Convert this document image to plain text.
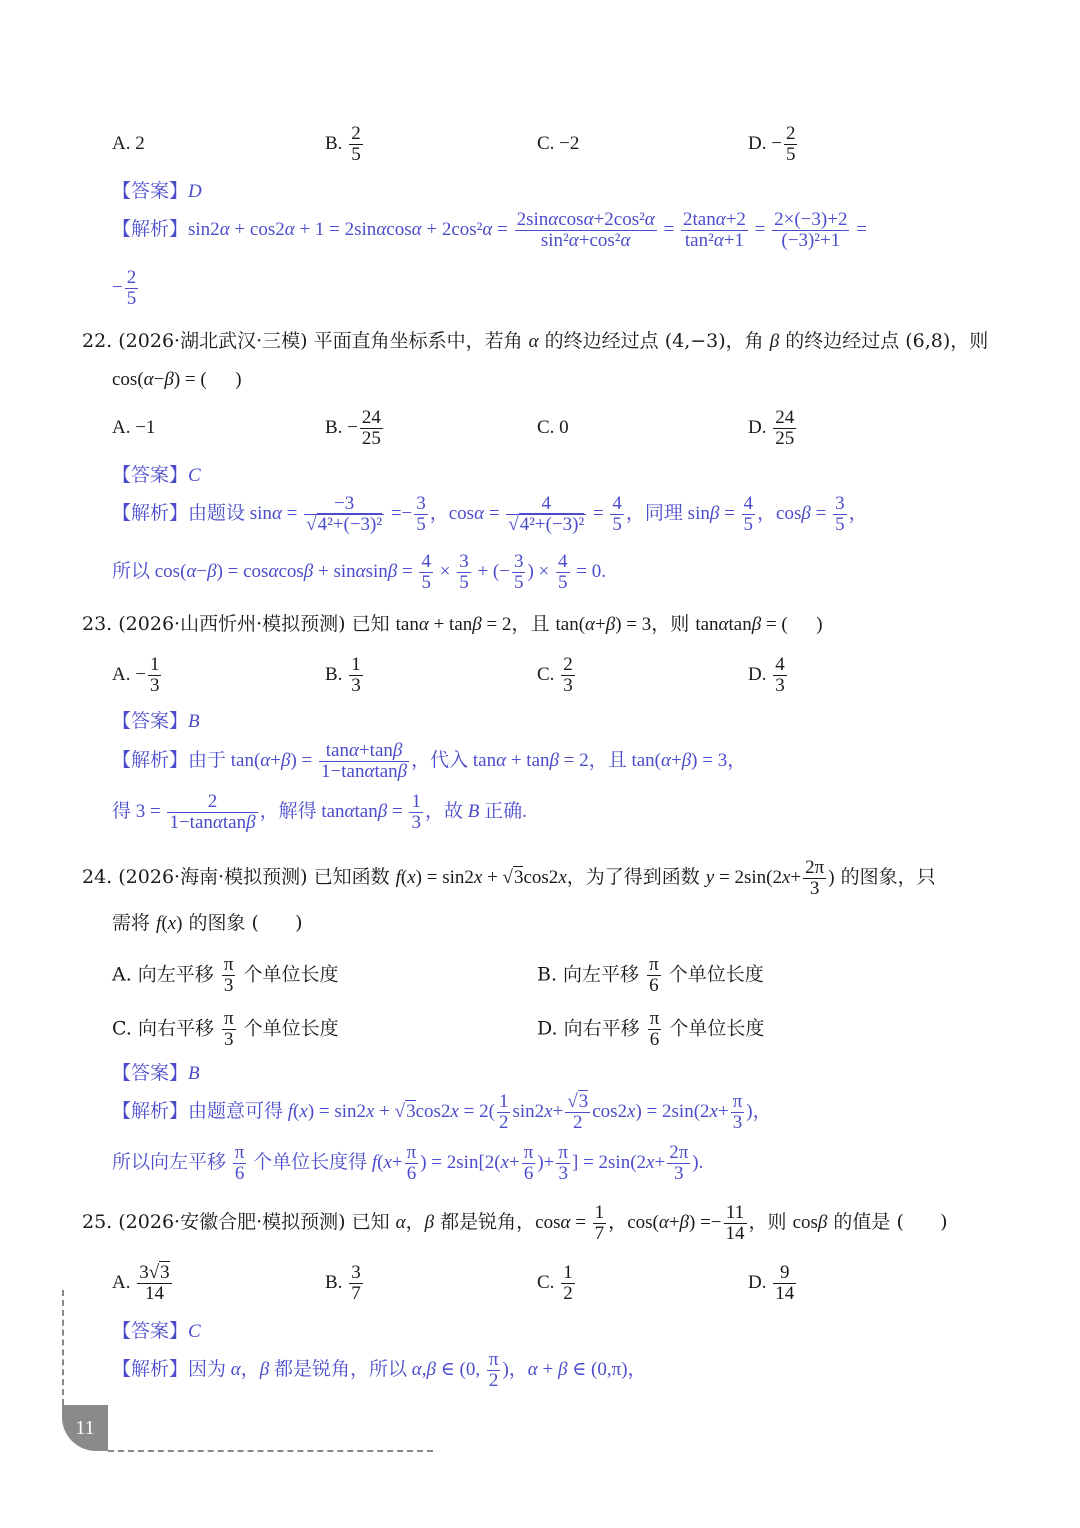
A. 2	B. $\frac{2}{5}$	C. −2	D. − $\frac{2}{5}$
【答案】D
【解析】$\sin 2\alpha + \cos 2\alpha + 1 = 2\sin\alpha\cos\alpha + 2\cos^2\alpha = \frac{\text{2sinαcosα+2cos²α}}{\text{sin²α+cos²α}} = \frac{2\tan\alpha+2}{\text{tan²α+1}} = \frac{2\times(-3)+2}{\text{(−3)²+1}}$ =
− $\frac{2}{5}$
22. (2026·湖北武汉·三模) 平面直角坐标系中，若角 α 的终边经过点 (4,−3)，角 β 的终边经过点 (6,8)，则
cos(α−β) = (      )
A. −1	B. − $\frac{24}{25}$	C. 0	D. $\frac{24}{25}$
【答案】C
【解析】由题设 $\sin\alpha = \frac{-3}{\text{√4²+(−3)²}} =- \frac{3}{5}$ ，$\cos\alpha = \frac{4}{\text{√4²+(−3)²}} = \frac{4}{5}$ ，同理 $\sin\beta = \frac{4}{5}$ ，$\cos\beta = \frac{3}{5}$ ，
所以 $\cos(\alpha-\beta) = \cos\alpha\cos\beta + \sin\alpha\sin\beta = \frac{4}{5} \times \frac{3}{5}$ + (− $\frac{3}{5}$ ) × $\frac{4}{5} = 0$.
23. (2026·山西忻州·模拟预测) 已知 tanα + tanβ = 2，且 tan(α+β) = 3，则 tanαtanβ = (      )
A. − $\frac{1}{3}$	B. $\frac{1}{3}$	C. $\frac{2}{3}$	D. $\frac{4}{3}$
【答案】B
【解析】由于 $\tan(\alpha+\beta) = \frac{\tan\alpha+\tan\beta}{1-\tan\alpha\tan\beta}$ ，代入 tanα + tanβ = 2，且 tan(α+β) = 3，
得 $3 = \frac{2}{1-\tan\alpha\tan\beta}$ ，解得 $\tan\alpha\tan\beta = \frac{1}{3}$ ，故 B 正确.
24. (2026·海南·模拟预测) 已知函数 f(x) = sin2x + √3cos2x，为了得到函数 $y = 2\sin(2x+ \frac{2\pi}{3}$ ) 的图象，只
需将 f(x) 的图象 (      )
A. 向左平移 $\frac{\pi}{3}$ 个单位长度	B. 向左平移 $\frac{\pi}{6}$ 个单位长度
C. 向右平移 $\frac{\pi}{3}$ 个单位长度	D. 向右平移 $\frac{\pi}{6}$ 个单位长度
【答案】B
【解析】由题意可得 $f(x) = \sin 2x + √3\cos 2x = 2( \frac{1}{2} \sin 2x+ \frac{√3}{2} \cos 2x) = 2\sin(2x+ \frac{\pi}{3}$ )，
所以向左平移 $\frac{\pi}{6}$ 个单位长度得 $f(x+ \frac{\pi}{6}$ ) = $2\sin[2(x+ \frac{\pi}{6}$ )+ $\frac{\pi}{3}$ ] = $2\sin(2x+ \frac{2\pi}{3}$ ).
25. (2026·安徽合肥·模拟预测) 已知 α，β 都是锐角，$\cos\alpha = \frac{1}{7}$ ，$\cos(\alpha+\beta) =- \frac{11}{14}$ ，则 cosβ 的值是 (      )
A. $\frac{3√3}{14}$	B. $\frac{3}{7}$	C. $\frac{1}{2}$	D. $\frac{9}{14}$
【答案】C
【解析】因为 α，β 都是锐角，所以 α,β ∈ (0, $\frac{\pi}{2}$ )，α + β ∈ (0,π)，
11
